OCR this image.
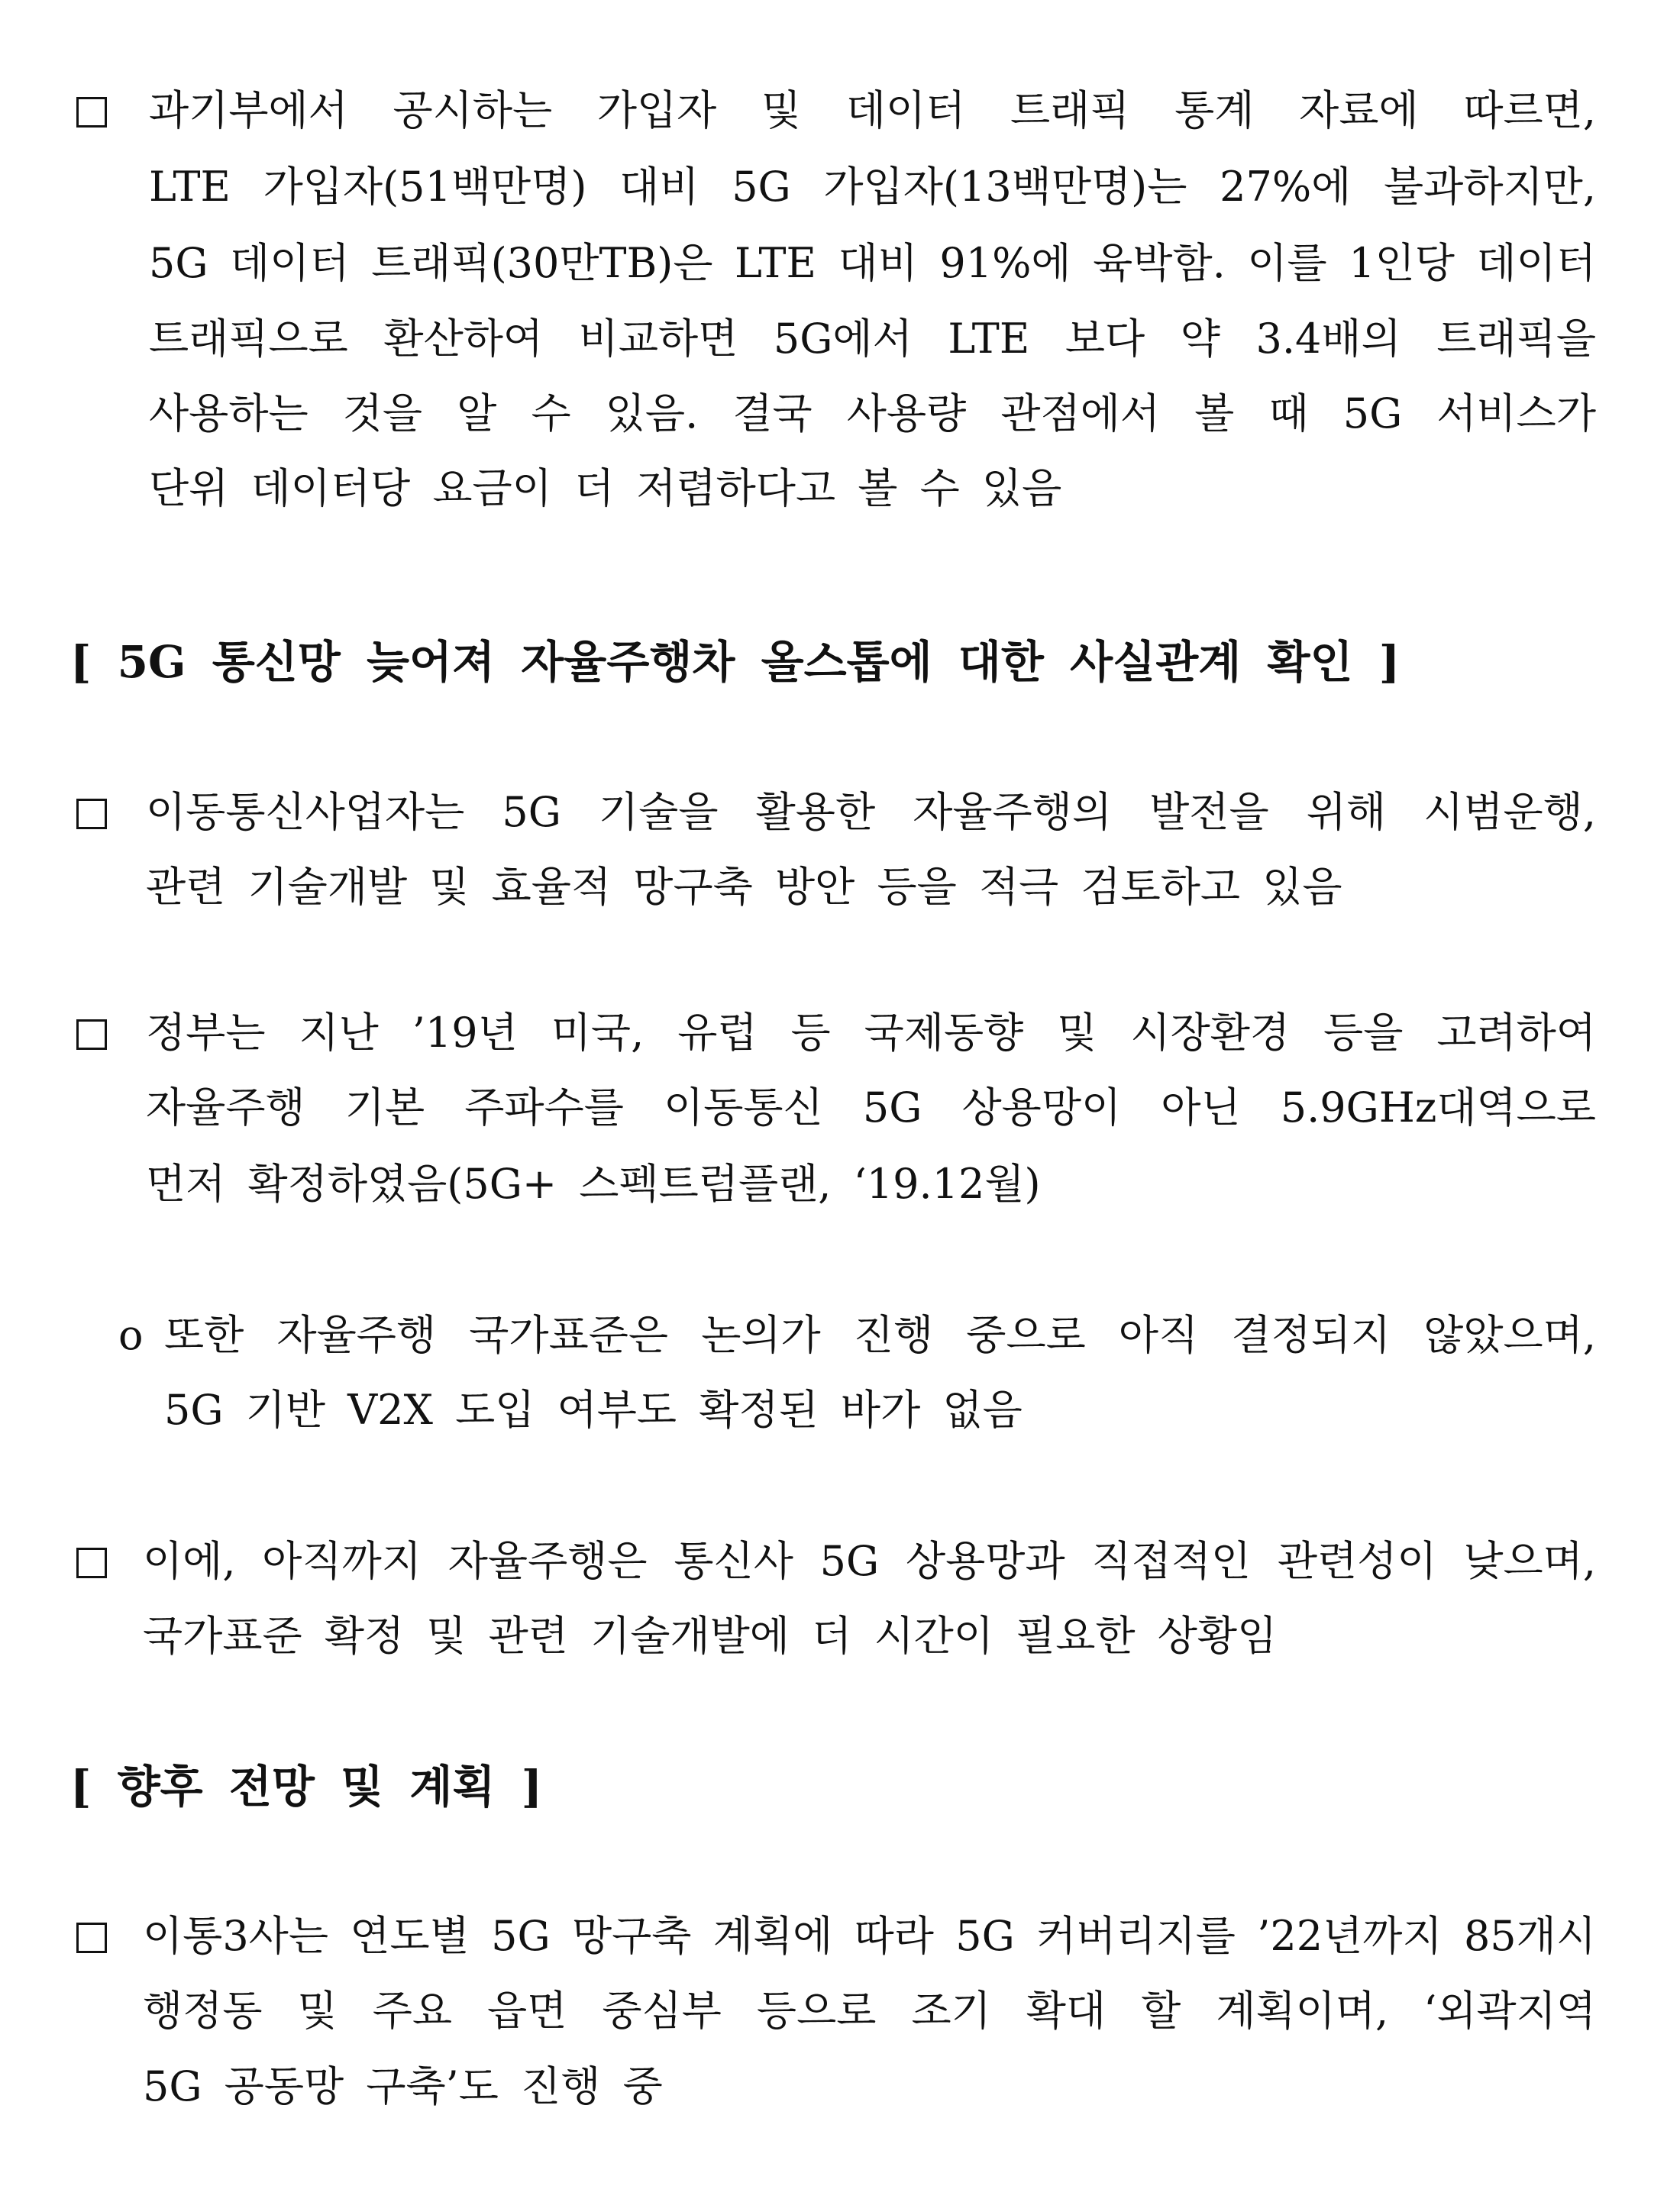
과기부에서 공시하는 가입자 및 데이터 트래픽 통계 자료에 따르면,
LTE 가입자(51백만명) 대비 5G 가입자(13백만명)는 27%에 불과하지만,
5G 데이터 트래픽(30만TB)은 LTE 대비 91%에 육박함. 이를 1인당 데이터
트래픽으로 환산하여 비교하면 5G에서 LTE 보다 약 3.4배의 트래픽을
사용하는 것을 알 수 있음. 결국 사용량 관점에서 볼 때 5G 서비스가
단위 데이터당 요금이 더 저렴하다고 볼 수 있음
[ 5G 통신망 늦어져 자율주행차 올스톱에 대한 사실관계 확인 ]
이동통신사업자는 5G 기술을 활용한 자율주행의 발전을 위해 시범운행,
관련 기술개발 및 효율적 망구축 방안 등을 적극 검토하고 있음
정부는 지난 ’19년 미국, 유럽 등 국제동향 및 시장환경 등을 고려하여
자율주행 기본 주파수를 이동통신 5G 상용망이 아닌 5.9GHz대역으로
먼저 확정하였음(5G+ 스펙트럼플랜, ‘19.12월)
o 또한 자율주행 국가표준은 논의가 진행 중으로 아직 결정되지 않았으며,
5G 기반 V2X 도입 여부도 확정된 바가 없음
이에, 아직까지 자율주행은 통신사 5G 상용망과 직접적인 관련성이 낮으며,
국가표준 확정 및 관련 기술개발에 더 시간이 필요한 상황임
[ 향후 전망 및 계획 ]
이통3사는 연도별 5G 망구축 계획에 따라 5G 커버리지를 ’22년까지 85개시
행정동 및 주요 읍면 중심부 등으로 조기 확대 할 계획이며, ‘외곽지역
5G 공동망 구축’도 진행 중
